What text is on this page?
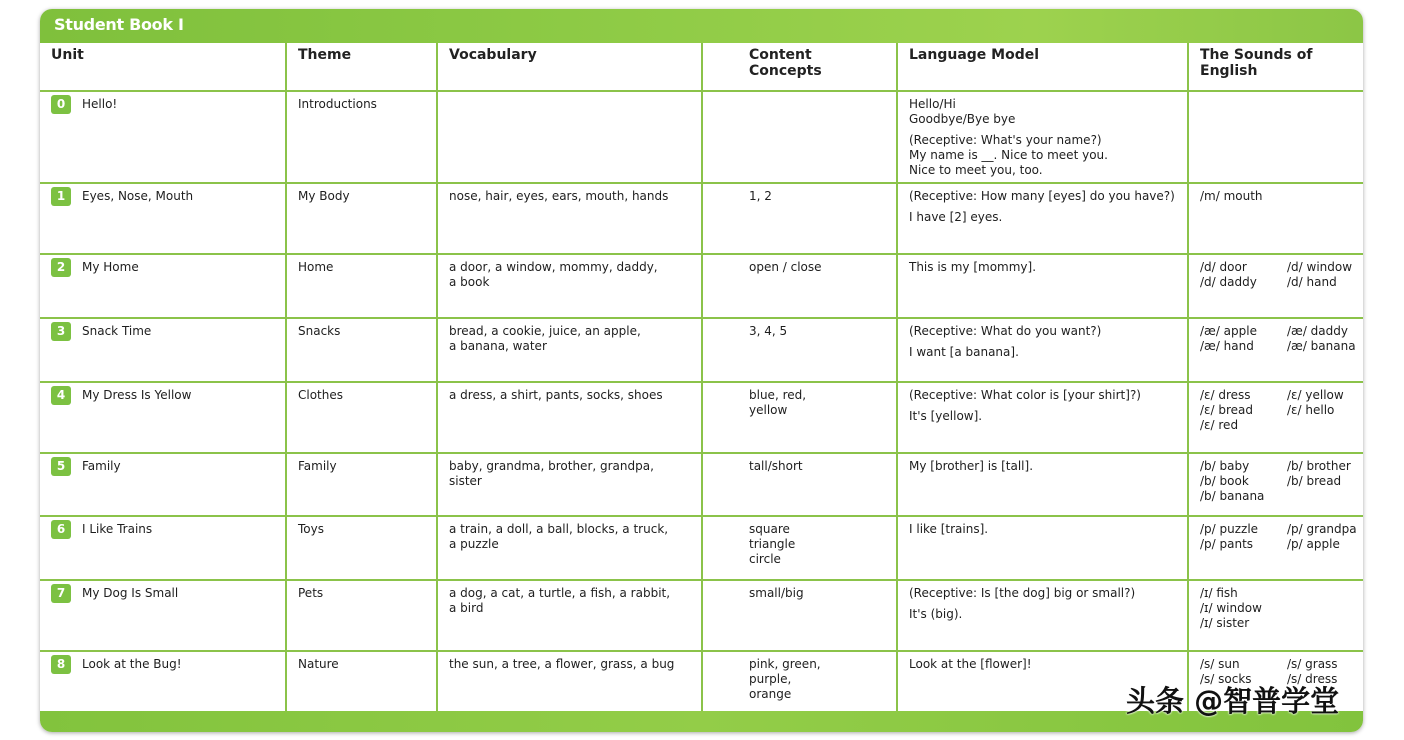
Student Book I
Unit	Theme	Vocabulary	Content Concepts	Language Model	The Sounds of English
0 Hello!	Introductions			Hello/Hi
Goodbye/Bye bye
(Receptive: What's your name?)
My name is __. Nice to meet you.
Nice to meet you, too.	

1 Eyes, Nose, Mouth	My Body	nose, hair, eyes, ears, mouth, hands	1, 2	(Receptive: How many [eyes] do you have?)
I have [2] eyes.	/m/ mouth

2 My Home	Home	a door, a window, mommy, daddy,
a book	open / close	This is my [mommy].	/d/ door /d/ window
/d/ daddy /d/ hand

3 Snack Time	Snacks	bread, a cookie, juice, an apple,
a banana, water	3, 4, 5	(Receptive: What do you want?)
I want [a banana].	/æ/ apple /æ/ daddy
/æ/ hand /æ/ banana

4 My Dress Is Yellow	Clothes	a dress, a shirt, pants, socks, shoes	blue, red,
yellow	(Receptive: What color is [your shirt]?)
It's [yellow].	/ɛ/ dress /ɛ/ yellow
/ɛ/ bread /ɛ/ hello
/ɛ/ red

5 Family	Family	baby, grandma, brother, grandpa,
sister	tall/short	My [brother] is [tall].	/b/ baby /b/ brother
/b/ book /b/ bread
/b/ banana

6 I Like Trains	Toys	a train, a doll, a ball, blocks, a truck,
a puzzle	square
triangle
circle	I like [trains].	/p/ puzzle /p/ grandpa
/p/ pants /p/ apple

7 My Dog Is Small	Pets	a dog, a cat, a turtle, a fish, a rabbit,
a bird	small/big	(Receptive: Is [the dog] big or small?)
It's (big).	/ɪ/ fish
/ɪ/ window
/ɪ/ sister

8 Look at the Bug!	Nature	the sun, a tree, a flower, grass, a bug	pink, green,
purple,
orange	Look at the [flower]!	/s/ sun /s/ grass
/s/ socks /s/ dress
头条 @智普学堂
